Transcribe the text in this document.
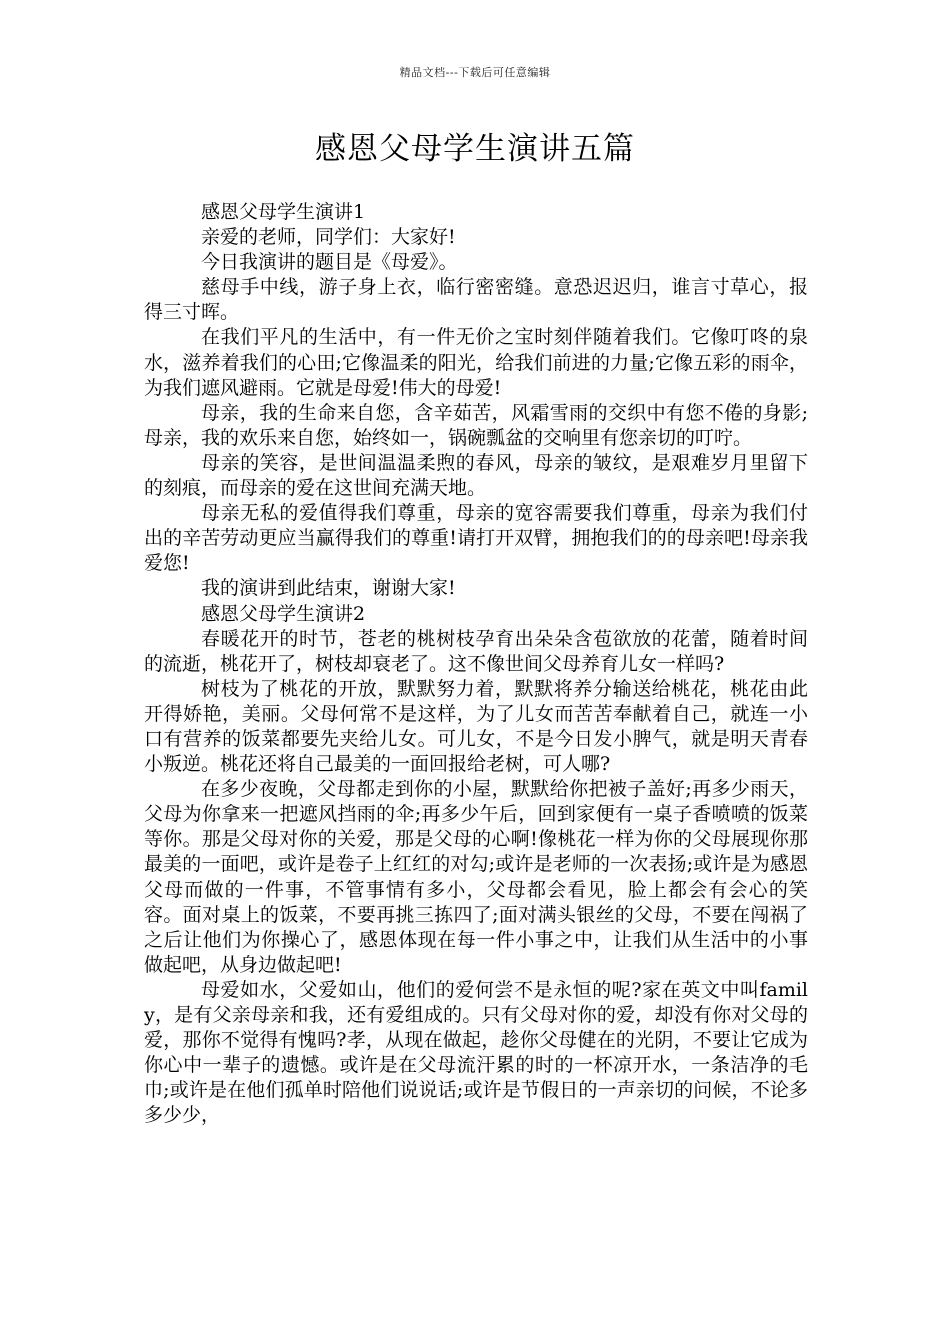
精品文档---下载后可任意编辑
感恩父母学生演讲五篇

感恩父母学生演讲1

亲爱的老师，同学们：大家好!

今日我演讲的题目是《母爱》。

慈母手中线，游子身上衣，临行密密缝。意恐迟迟归，谁言寸草心，报得三寸晖。

在我们平凡的生活中，有一件无价之宝时刻伴随着我们。它像叮咚的泉水，滋养着我们的心田;它像温柔的阳光，给我们前进的力量;它像五彩的雨伞，为我们遮风避雨。它就是母爱!伟大的母爱!

母亲，我的生命来自您，含辛茹苦，风霜雪雨的交织中有您不倦的身影;母亲，我的欢乐来自您，始终如一，锅碗瓢盆的交响里有您亲切的叮咛。

母亲的笑容，是世间温温柔煦的春风，母亲的皱纹，是艰难岁月里留下的刻痕，而母亲的爱在这世间充满天地。

母亲无私的爱值得我们尊重，母亲的宽容需要我们尊重，母亲为我们付出的辛苦劳动更应当赢得我们的尊重!请打开双臂，拥抱我们的的母亲吧!母亲我爱您!

我的演讲到此结束，谢谢大家!

感恩父母学生演讲2

春暖花开的时节，苍老的桃树枝孕育出朵朵含苞欲放的花蕾，随着时间的流逝，桃花开了，树枝却衰老了。这不像世间父母养育儿女一样吗?

树枝为了桃花的开放，默默努力着，默默将养分输送给桃花，桃花由此开得娇艳，美丽。父母何常不是这样，为了儿女而苦苦奉献着自己，就连一小口有营养的饭菜都要先夹给儿女。可儿女，不是今日发小脾气，就是明天青春小叛逆。桃花还将自己最美的一面回报给老树，可人哪?

在多少夜晚，父母都走到你的小屋，默默给你把被子盖好;再多少雨天，父母为你拿来一把遮风挡雨的伞;再多少午后，回到家便有一桌子香喷喷的饭菜等你。那是父母对你的关爱，那是父母的心啊!像桃花一样为你的父母展现你那最美的一面吧，或许是卷子上红红的对勾;或许是老师的一次表扬;或许是为感恩父母而做的一件事，不管事情有多小，父母都会看见，脸上都会有会心的笑容。面对桌上的饭菜，不要再挑三拣四了;面对满头银丝的父母，不要在闯祸了之后让他们为你操心了，感恩体现在每一件小事之中，让我们从生活中的小事做起吧，从身边做起吧!

母爱如水，父爱如山，他们的爱何尝不是永恒的呢?家在英文中叫family，是有父亲母亲和我，还有爱组成的。只有父母对你的爱，却没有你对父母的爱，那你不觉得有愧吗?孝，从现在做起，趁你父母健在的光阴，不要让它成为你心中一辈子的遗憾。或许是在父母流汗累的时的一杯凉开水，一条洁净的毛巾;或许是在他们孤单时陪他们说说话;或许是节假日的一声亲切的问候，不论多多少少，
